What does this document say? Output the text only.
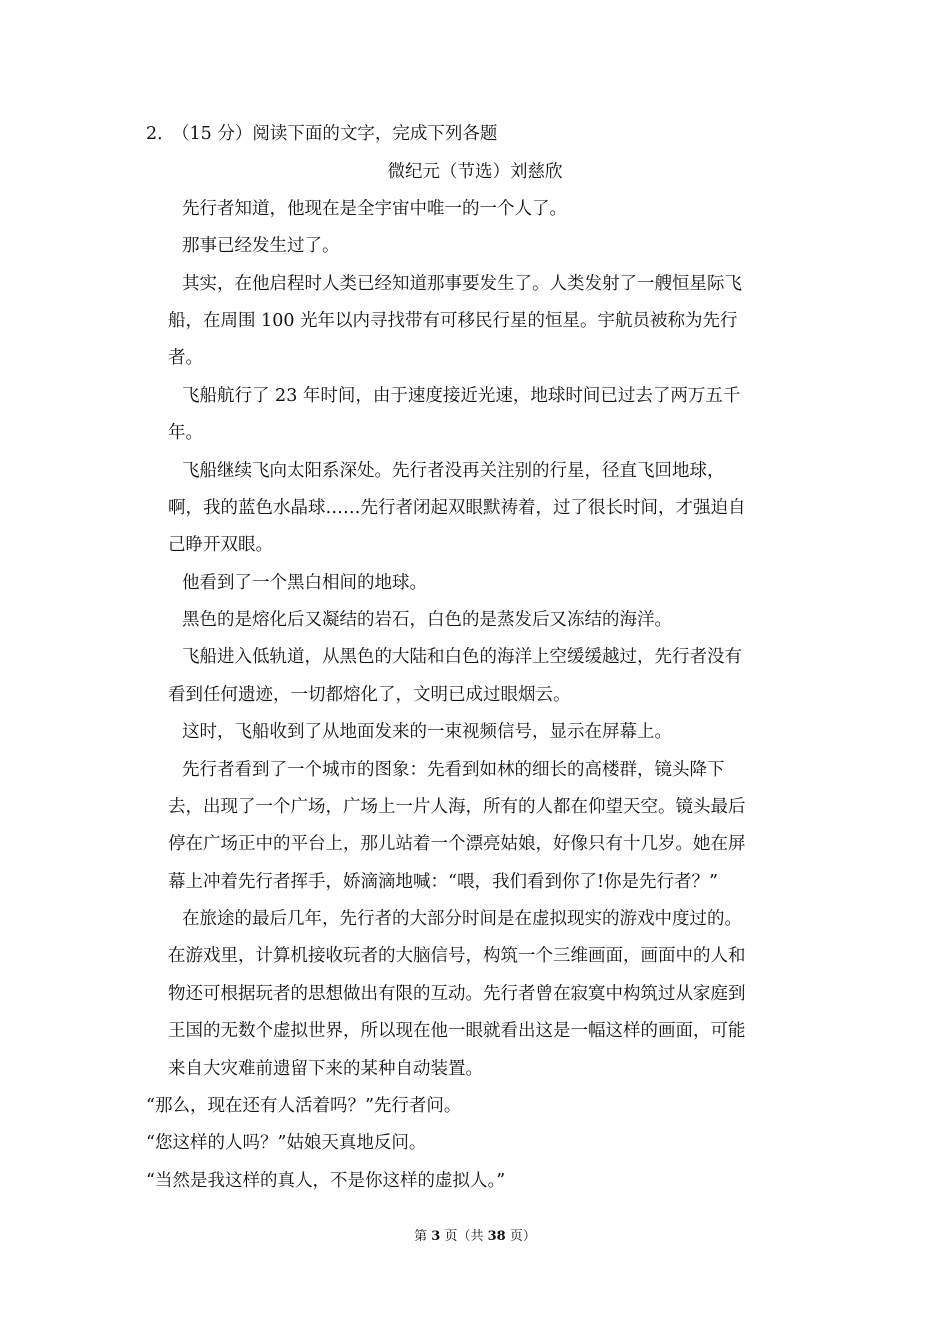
2．
（15 分）阅读下面的文字，完成下列各题
微纪元（节选）刘慈欣
先行者知道，他现在是全宇宙中唯一的一个人了。
那事已经发生过了。
其实，在他启程时人类已经知道那事要发生了。人类发射了一艘恒星际飞
船，在周围 100 光年以内寻找带有可移民行星的恒星。宇航员被称为先行
者。
飞船航行了 23 年时间，由于速度接近光速，地球时间已过去了两万五千
年。
飞船继续飞向太阳系深处。先行者没再关注别的行星，径直飞回地球，
啊，我的蓝色水晶球……先行者闭起双眼默祷着，过了很长时间，才强迫自
己睁开双眼。
他看到了一个黑白相间的地球。
黑色的是熔化后又凝结的岩石，白色的是蒸发后又冻结的海洋。
飞船进入低轨道，从黑色的大陆和白色的海洋上空缓缓越过，先行者没有
看到任何遗迹，一切都熔化了，文明已成过眼烟云。
这时，飞船收到了从地面发来的一束视频信号，显示在屏幕上。
先行者看到了一个城市的图象：先看到如林的细长的高楼群，镜头降下
去，出现了一个广场，广场上一片人海，所有的人都在仰望天空。镜头最后
停在广场正中的平台上，那儿站着一个漂亮姑娘，好像只有十几岁。她在屏
幕上冲着先行者挥手，娇滴滴地喊：“喂，我们看到你了!你是先行者？”
在旅途的最后几年，先行者的大部分时间是在虚拟现实的游戏中度过的。
在游戏里，计算机接收玩者的大脑信号，构筑一个三维画面，画面中的人和
物还可根据玩者的思想做出有限的互动。先行者曾在寂寞中构筑过从家庭到
王国的无数个虚拟世界，所以现在他一眼就看出这是一幅这样的画面，可能
来自大灾难前遗留下来的某种自动装置。
“那么，现在还有人活着吗？”先行者问。
“您这样的人吗？”姑娘天真地反问。
“当然是我这样的真人，不是你这样的虚拟人。”
第 3 页（共 38 页）
